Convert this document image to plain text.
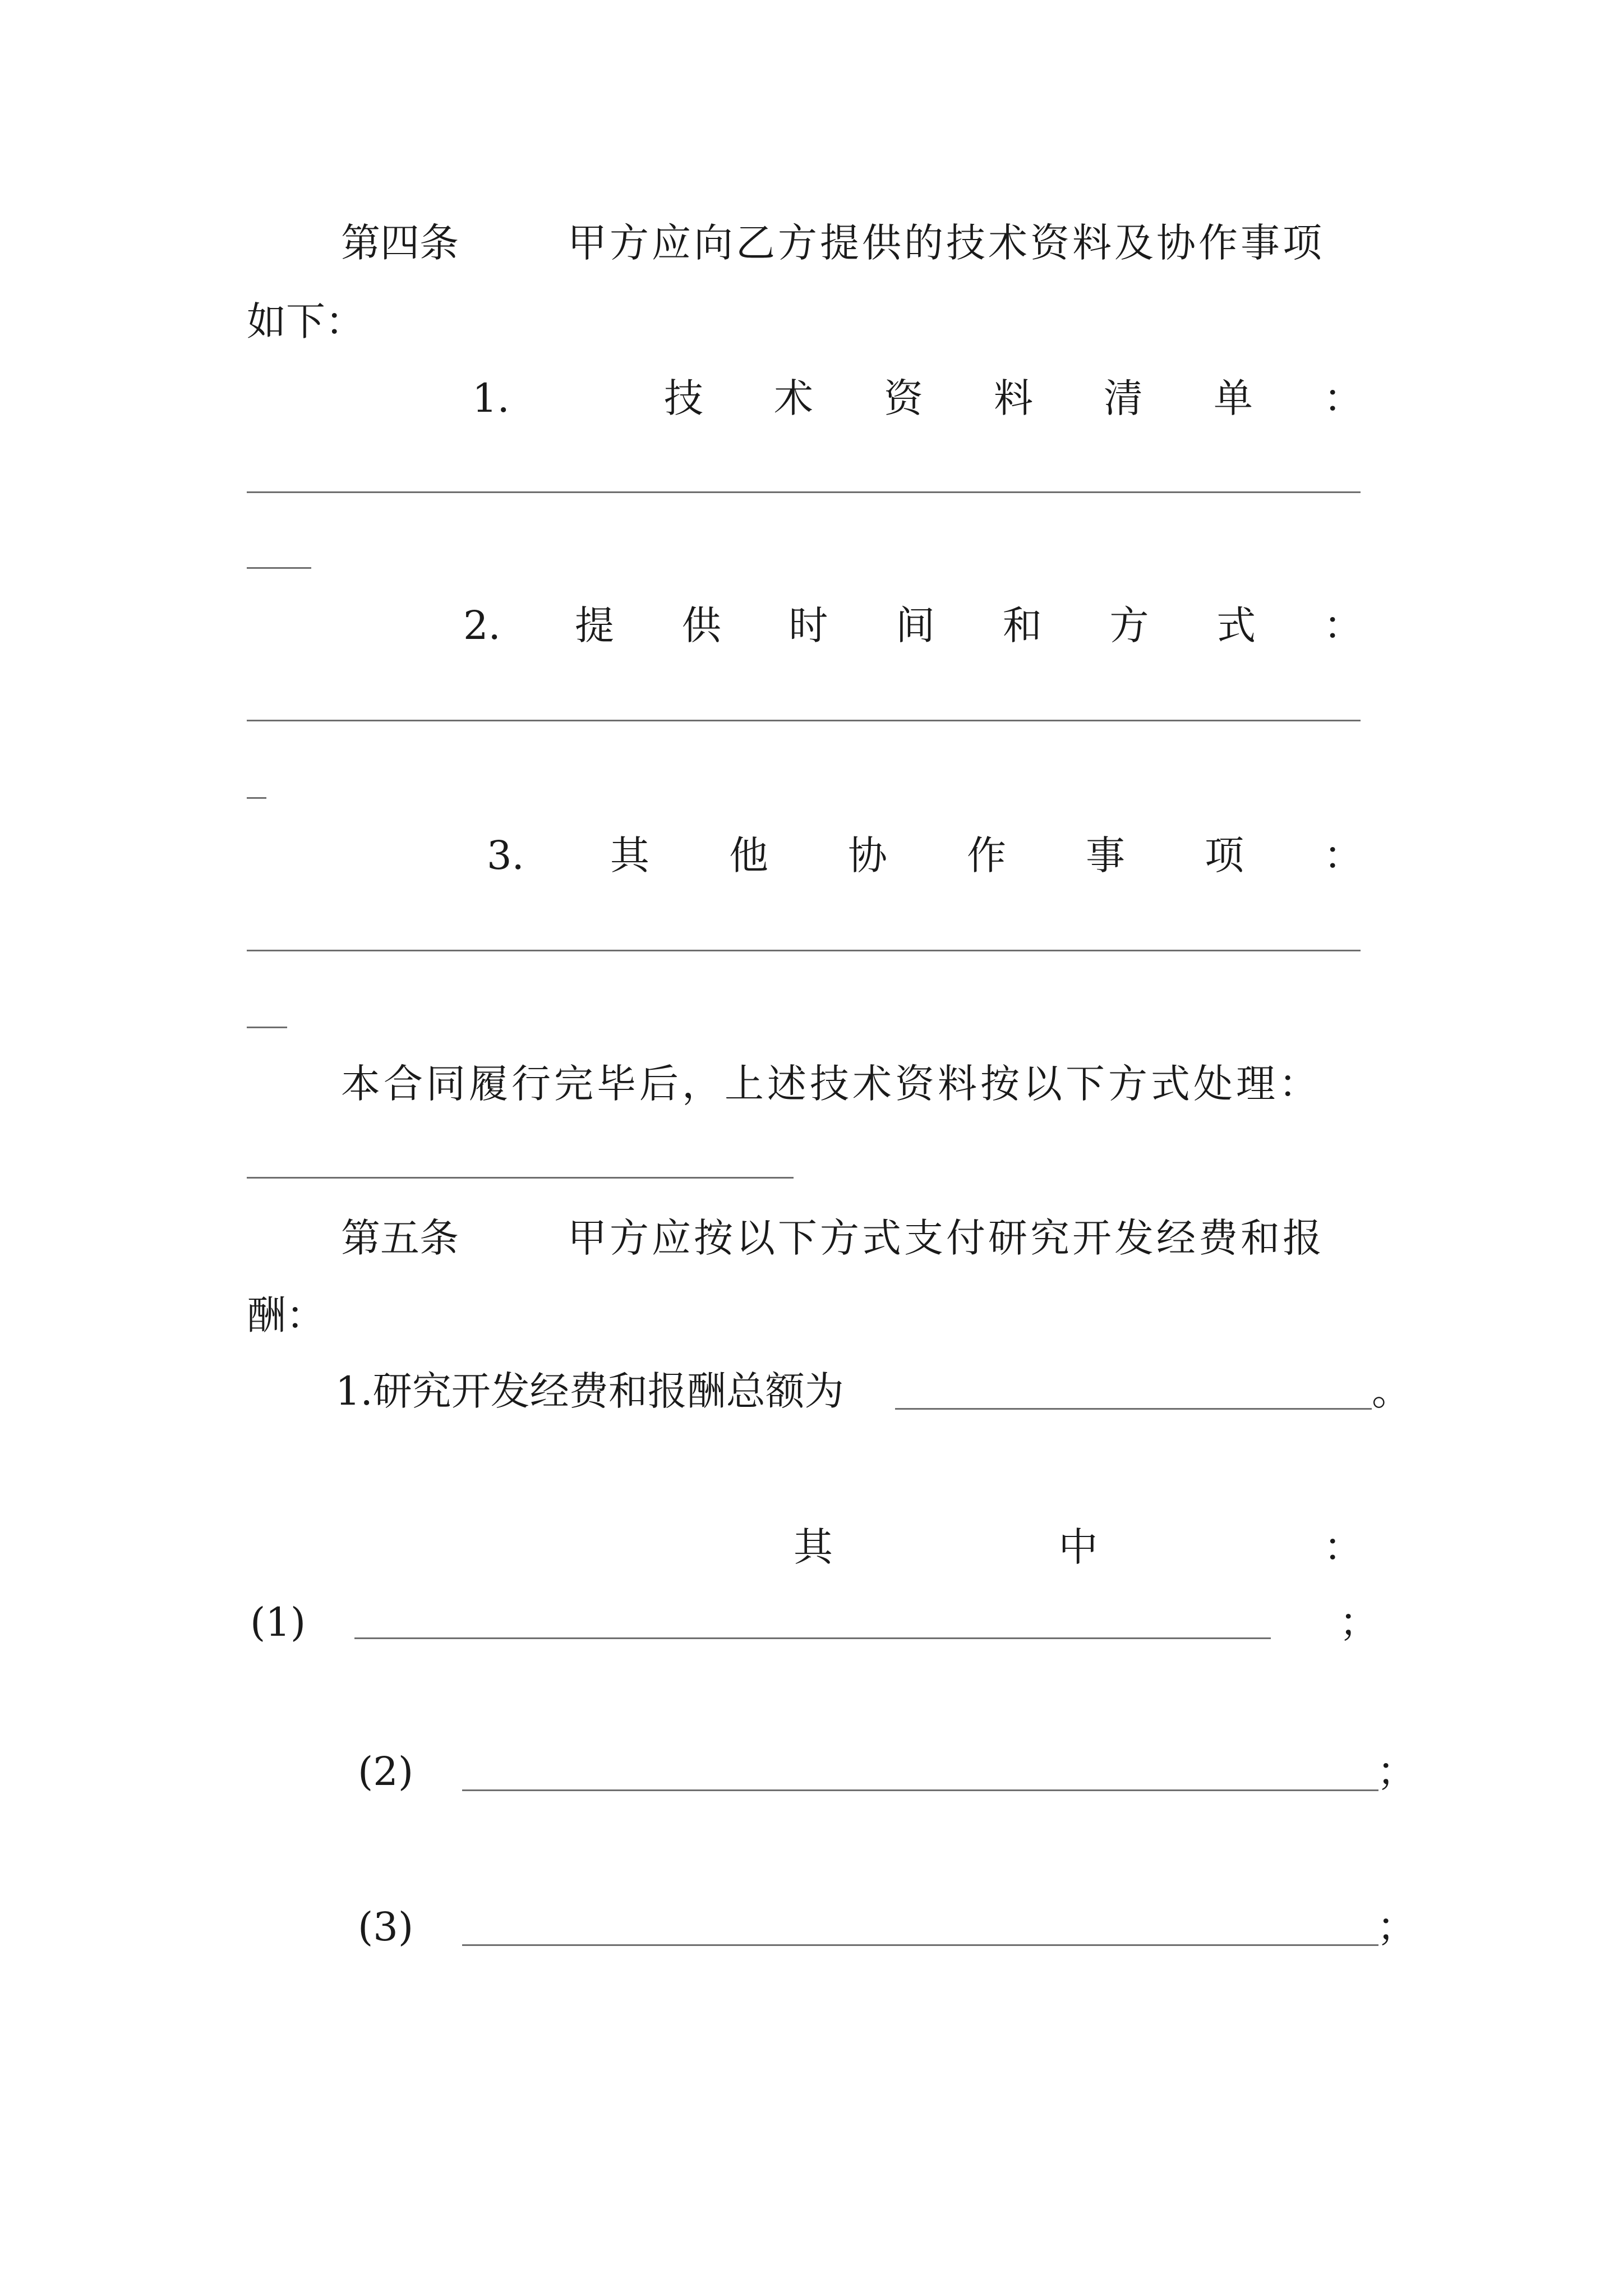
第四条	甲方应向乙方提供的技术资料及协作事项
如下：
1.	技 术 资 料 清 单 ：
2. 提 供 时 间 和 方 式 ：
3. 其 他 协 作 事 项 ：
本合同履行完毕后，上述技术资料按以下方式处理：
第五条	甲方应按以下方式支付研究开发经费和报
酬：
1.研究开发经费和报酬总额为	。
其	中	：
(1)	；
(2)	；
(3)	；
